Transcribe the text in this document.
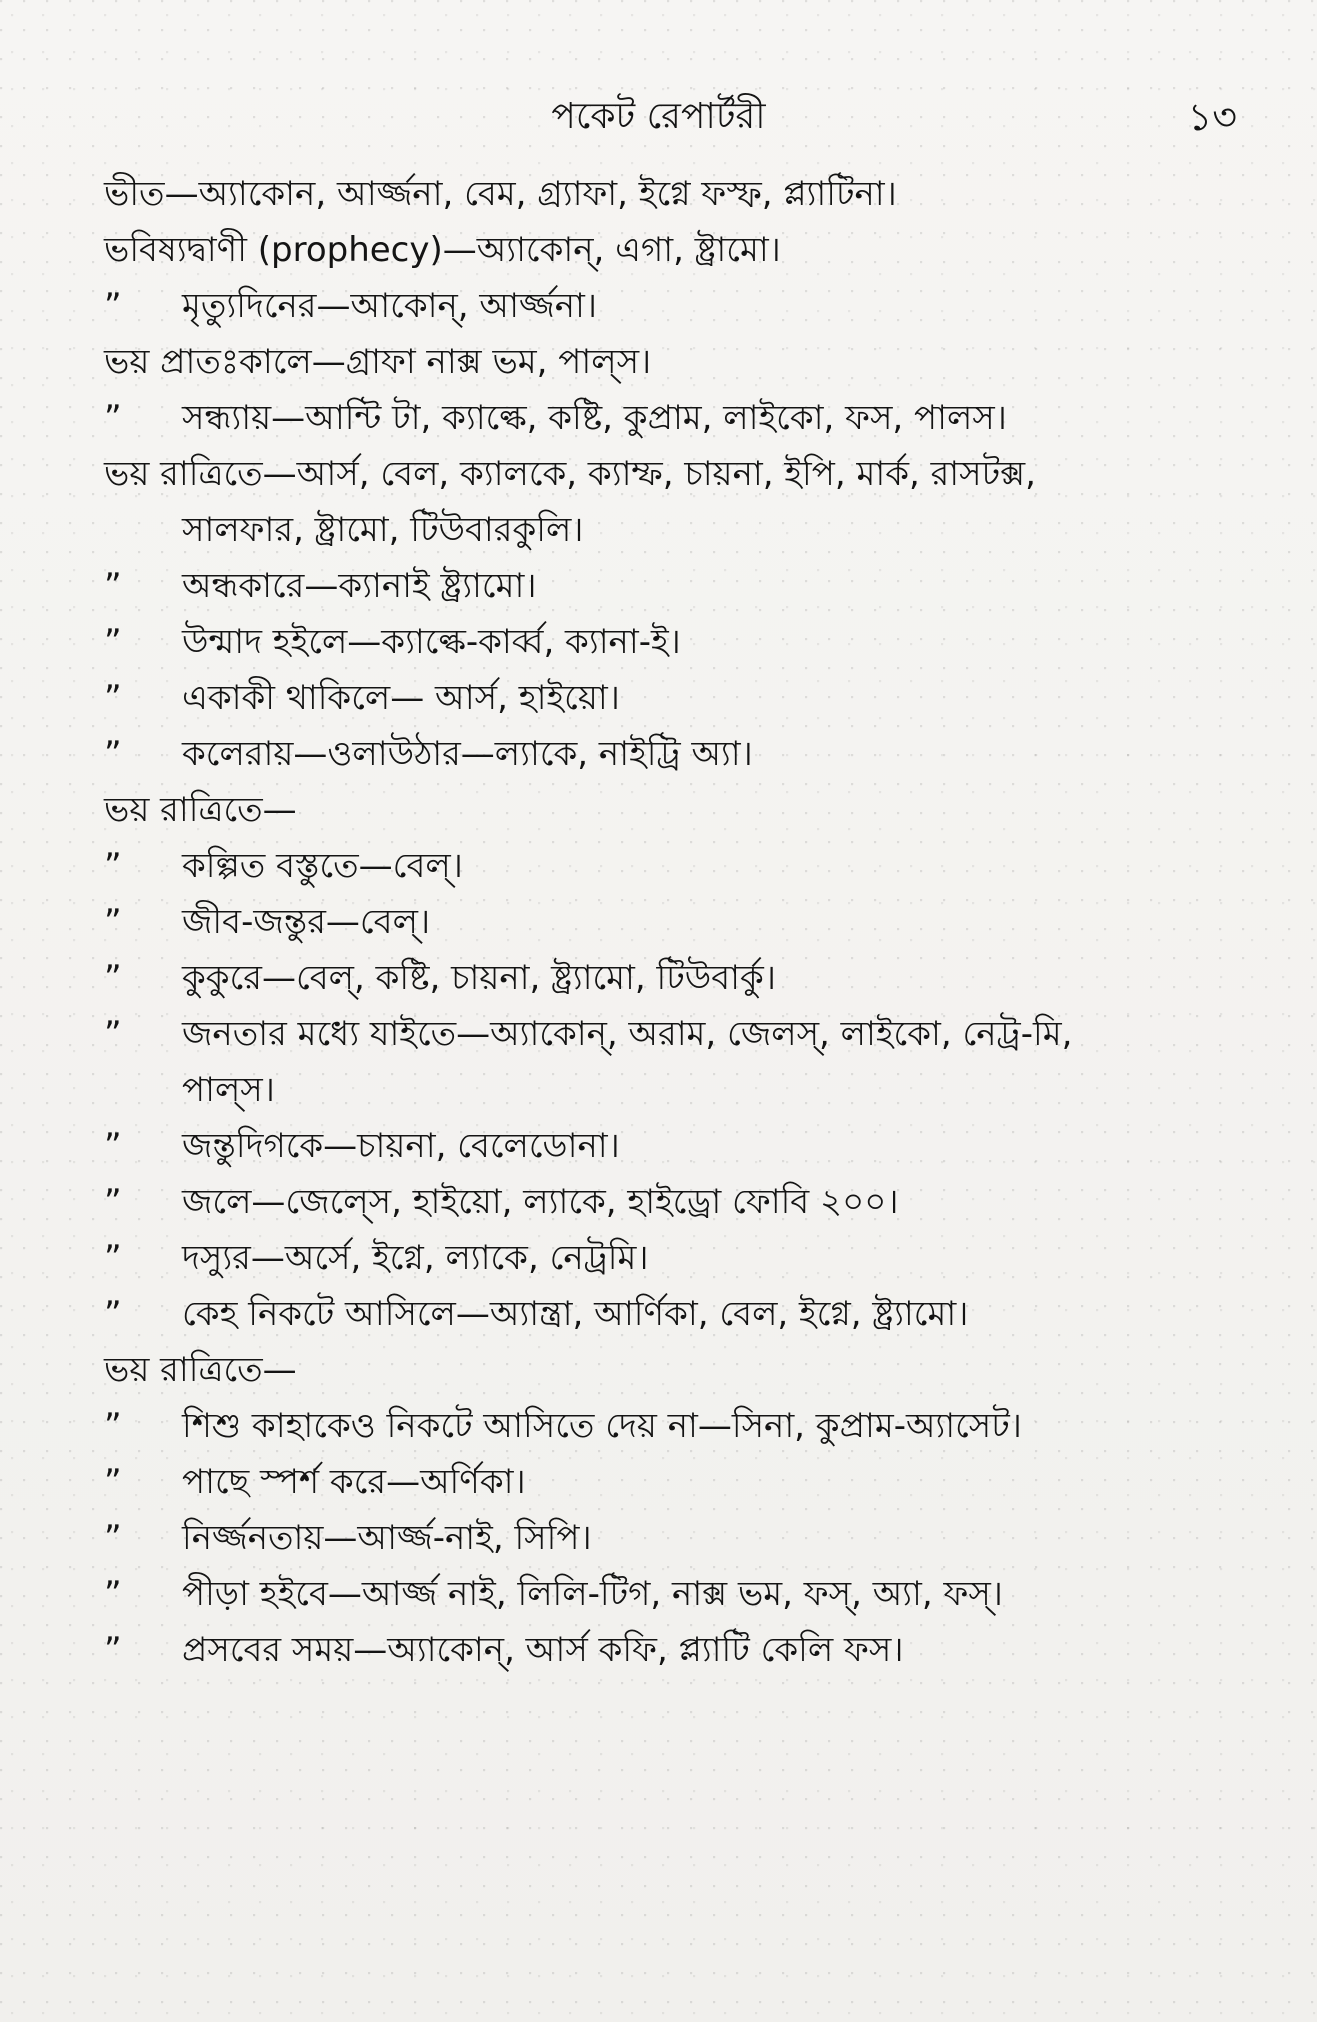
পকেট রেপার্টরী	১৩
ভীত—অ্যাকোন, আর্জ্জনা, বেম, গ্র্যাফা, ইগ্নে ফস্ফ, প্ল্যাটিনা।
ভবিষ্যদ্বাণী (prophecy)—অ্যাকোন্, এগা, ষ্ট্রামো।
” মৃত্যুদিনের—আকোন্, আর্জ্জনা।
ভয় প্রাতঃকালে—গ্রাফা নাক্স ভম, পাল্স।
” সন্ধ্যায়—আন্টি টা, ক্যাল্কে, কষ্টি, কুপ্রাম, লাইকো, ফস, পালস।
ভয় রাত্রিতে—আর্স, বেল, ক্যালকে, ক্যাম্ফ, চায়না, ইপি, মার্ক, রাসটক্স,
সালফার, ষ্ট্রামো, টিউবারকুলি।
” অন্ধকারে—ক্যানাই ষ্ট্র্যামো।
” উন্মাদ হইলে—ক্যাল্কে-কার্ব্ব, ক্যানা-ই।
” একাকী থাকিলে— আর্স, হাইয়ো।
” কলেরায়—ওলাউঠার—ল্যাকে, নাইট্রি অ্যা।
ভয় রাত্রিতে—
” কল্পিত বস্তুতে—বেল্।
” জীব-জন্তুর—বেল্।
” কুকুরে—বেল্, কষ্টি, চায়না, ষ্ট্র্যামো, টিউবার্কু।
” জনতার মধ্যে যাইতে—অ্যাকোন্, অরাম, জেলস্, লাইকো, নেট্র-মি,
পাল্স।
” জন্তুদিগকে—চায়না, বেলেডোনা।
” জলে—জেল্সে, হাইয়ো, ল্যাকে, হাইড্রো ফোবি ২০০।
” দস্যুর—অর্সে, ইগ্নে, ল্যাকে, নেট্রমি।
” কেহ নিকটে আসিলে—অ্যান্ত্রা, আর্ণিকা, বেল, ইগ্নে, ষ্ট্র্যামো।
ভয় রাত্রিতে—
” শিশু কাহাকেও নিকটে আসিতে দেয় না—সিনা, কুপ্রাম-অ্যাসেট।
” পাছে স্পর্শ করে—অর্ণিকা।
” নির্জ্জনতায়—আর্জ্জ-নাই, সিপি।
” পীড়া হইবে—আর্জ্জ নাই, লিলি-টিগ, নাক্স ভম, ফস্, অ্যা, ফস্।
” প্রসবের সময়—অ্যাকোন্, আর্স কফি, প্ল্যাটি কেলি ফস।
